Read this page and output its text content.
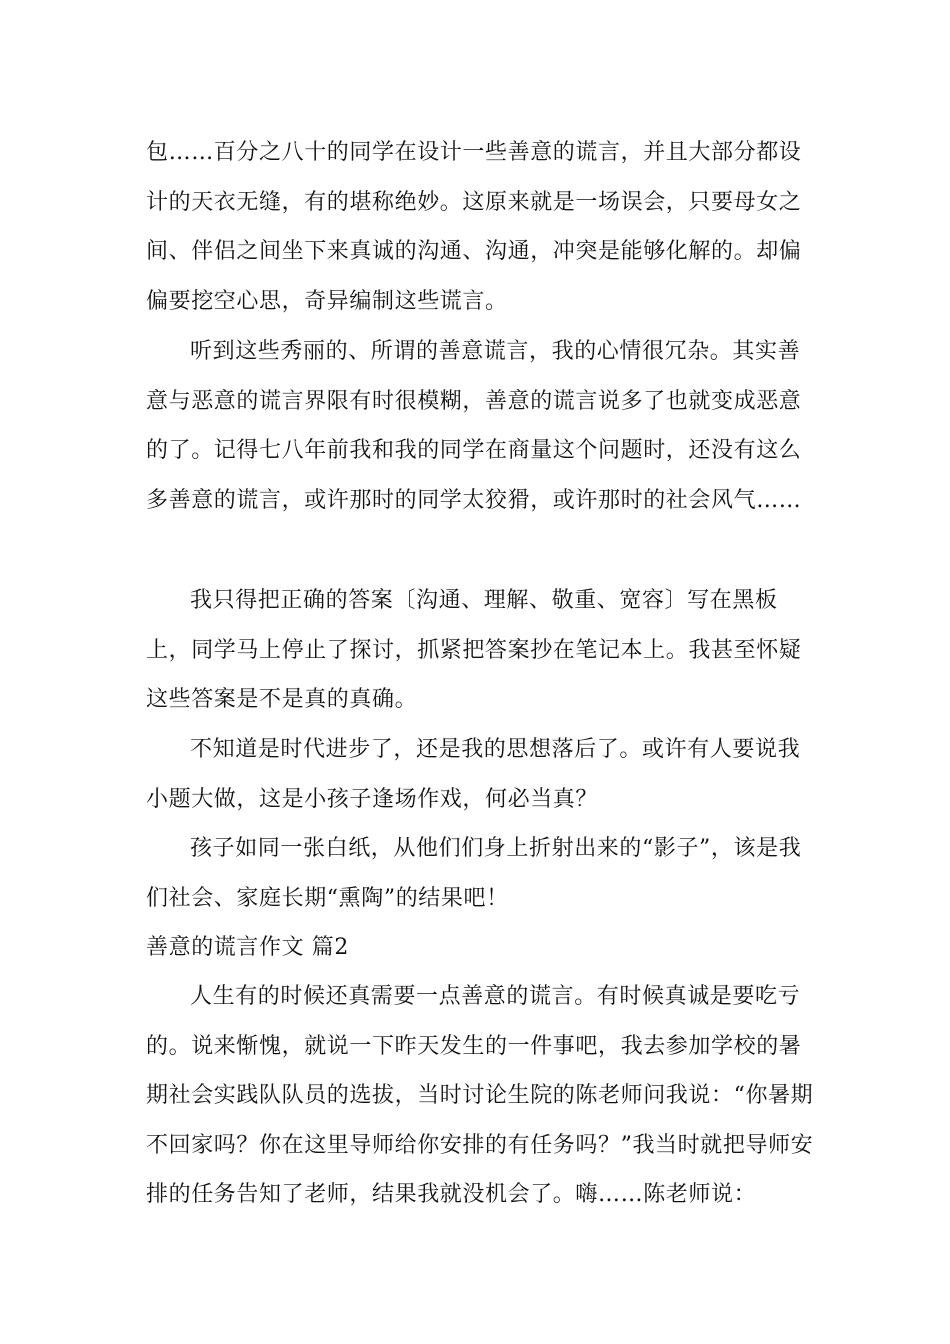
包……百分之八十的同学在设计一些善意的谎言，并且大部分都设计的天衣无缝，有的堪称绝妙。这原来就是一场误会，只要母女之间、伴侣之间坐下来真诚的沟通、沟通，冲突是能够化解的。却偏偏要挖空心思，奇异编制这些谎言。

听到这些秀丽的、所谓的善意谎言，我的心情很冗杂。其实善意与恶意的谎言界限有时很模糊，善意的谎言说多了也就变成恶意的了。记得七八年前我和我的同学在商量这个问题时，还没有这么多善意的谎言，或许那时的同学太狡猾，或许那时的社会风气……

我只得把正确的答案〔沟通、理解、敬重、宽容〕写在黑板上，同学马上停止了探讨，抓紧把答案抄在笔记本上。我甚至怀疑这些答案是不是真的真确。

不知道是时代进步了，还是我的思想落后了。或许有人要说我小题大做，这是小孩子逢场作戏，何必当真？

孩子如同一张白纸，从他们们身上折射出来的“影子”，该是我们社会、家庭长期“熏陶”的结果吧！

善意的谎言作文 篇2

人生有的时候还真需要一点善意的谎言。有时候真诚是要吃亏的。说来惭愧，就说一下昨天发生的一件事吧，我去参加学校的暑期社会实践队队员的选拔，当时讨论生院的陈老师问我说：“你暑期不回家吗？你在这里导师给你安排的有任务吗？”我当时就把导师安排的任务告知了老师，结果我就没机会了。嗨……陈老师说：
